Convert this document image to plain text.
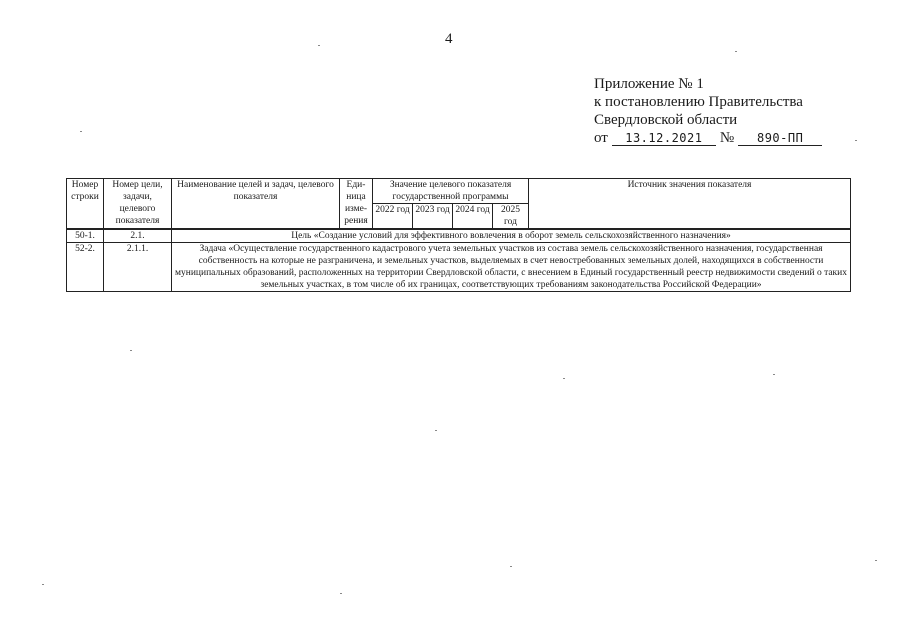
4
Приложение № 1
к постановлению Правительства
Свердловской области
от 13.12.2021 № 890-ПП
Номер строки	Номер цели, задачи, целевого показателя	Наименование целей и задач, целевого показателя	Еди-ница изме-рения	Значение целевого показателя государственной программы				Источник значения показателя
				2022 год	2023 год	2024 год	2025 год	
50-1.	2.1.	Цель «Создание условий для эффективного вовлечения в оборот земель сельскохозяйственного назначения»						
52-2.	2.1.1.	Задача «Осуществление государственного кадастрового учета земельных участков из состава земель сельскохозяйственного назначения, государственная собственность на которые не разграничена, и земельных участков, выделяемых в счет невостребованных земельных долей, находящихся в собственности муниципальных образований, расположенных на территории Свердловской области, с внесением в Единый государственный реестр недвижимости сведений о таких земельных участках, в том числе об их границах, соответствующих требованиям законодательства Российской Федерации»						
